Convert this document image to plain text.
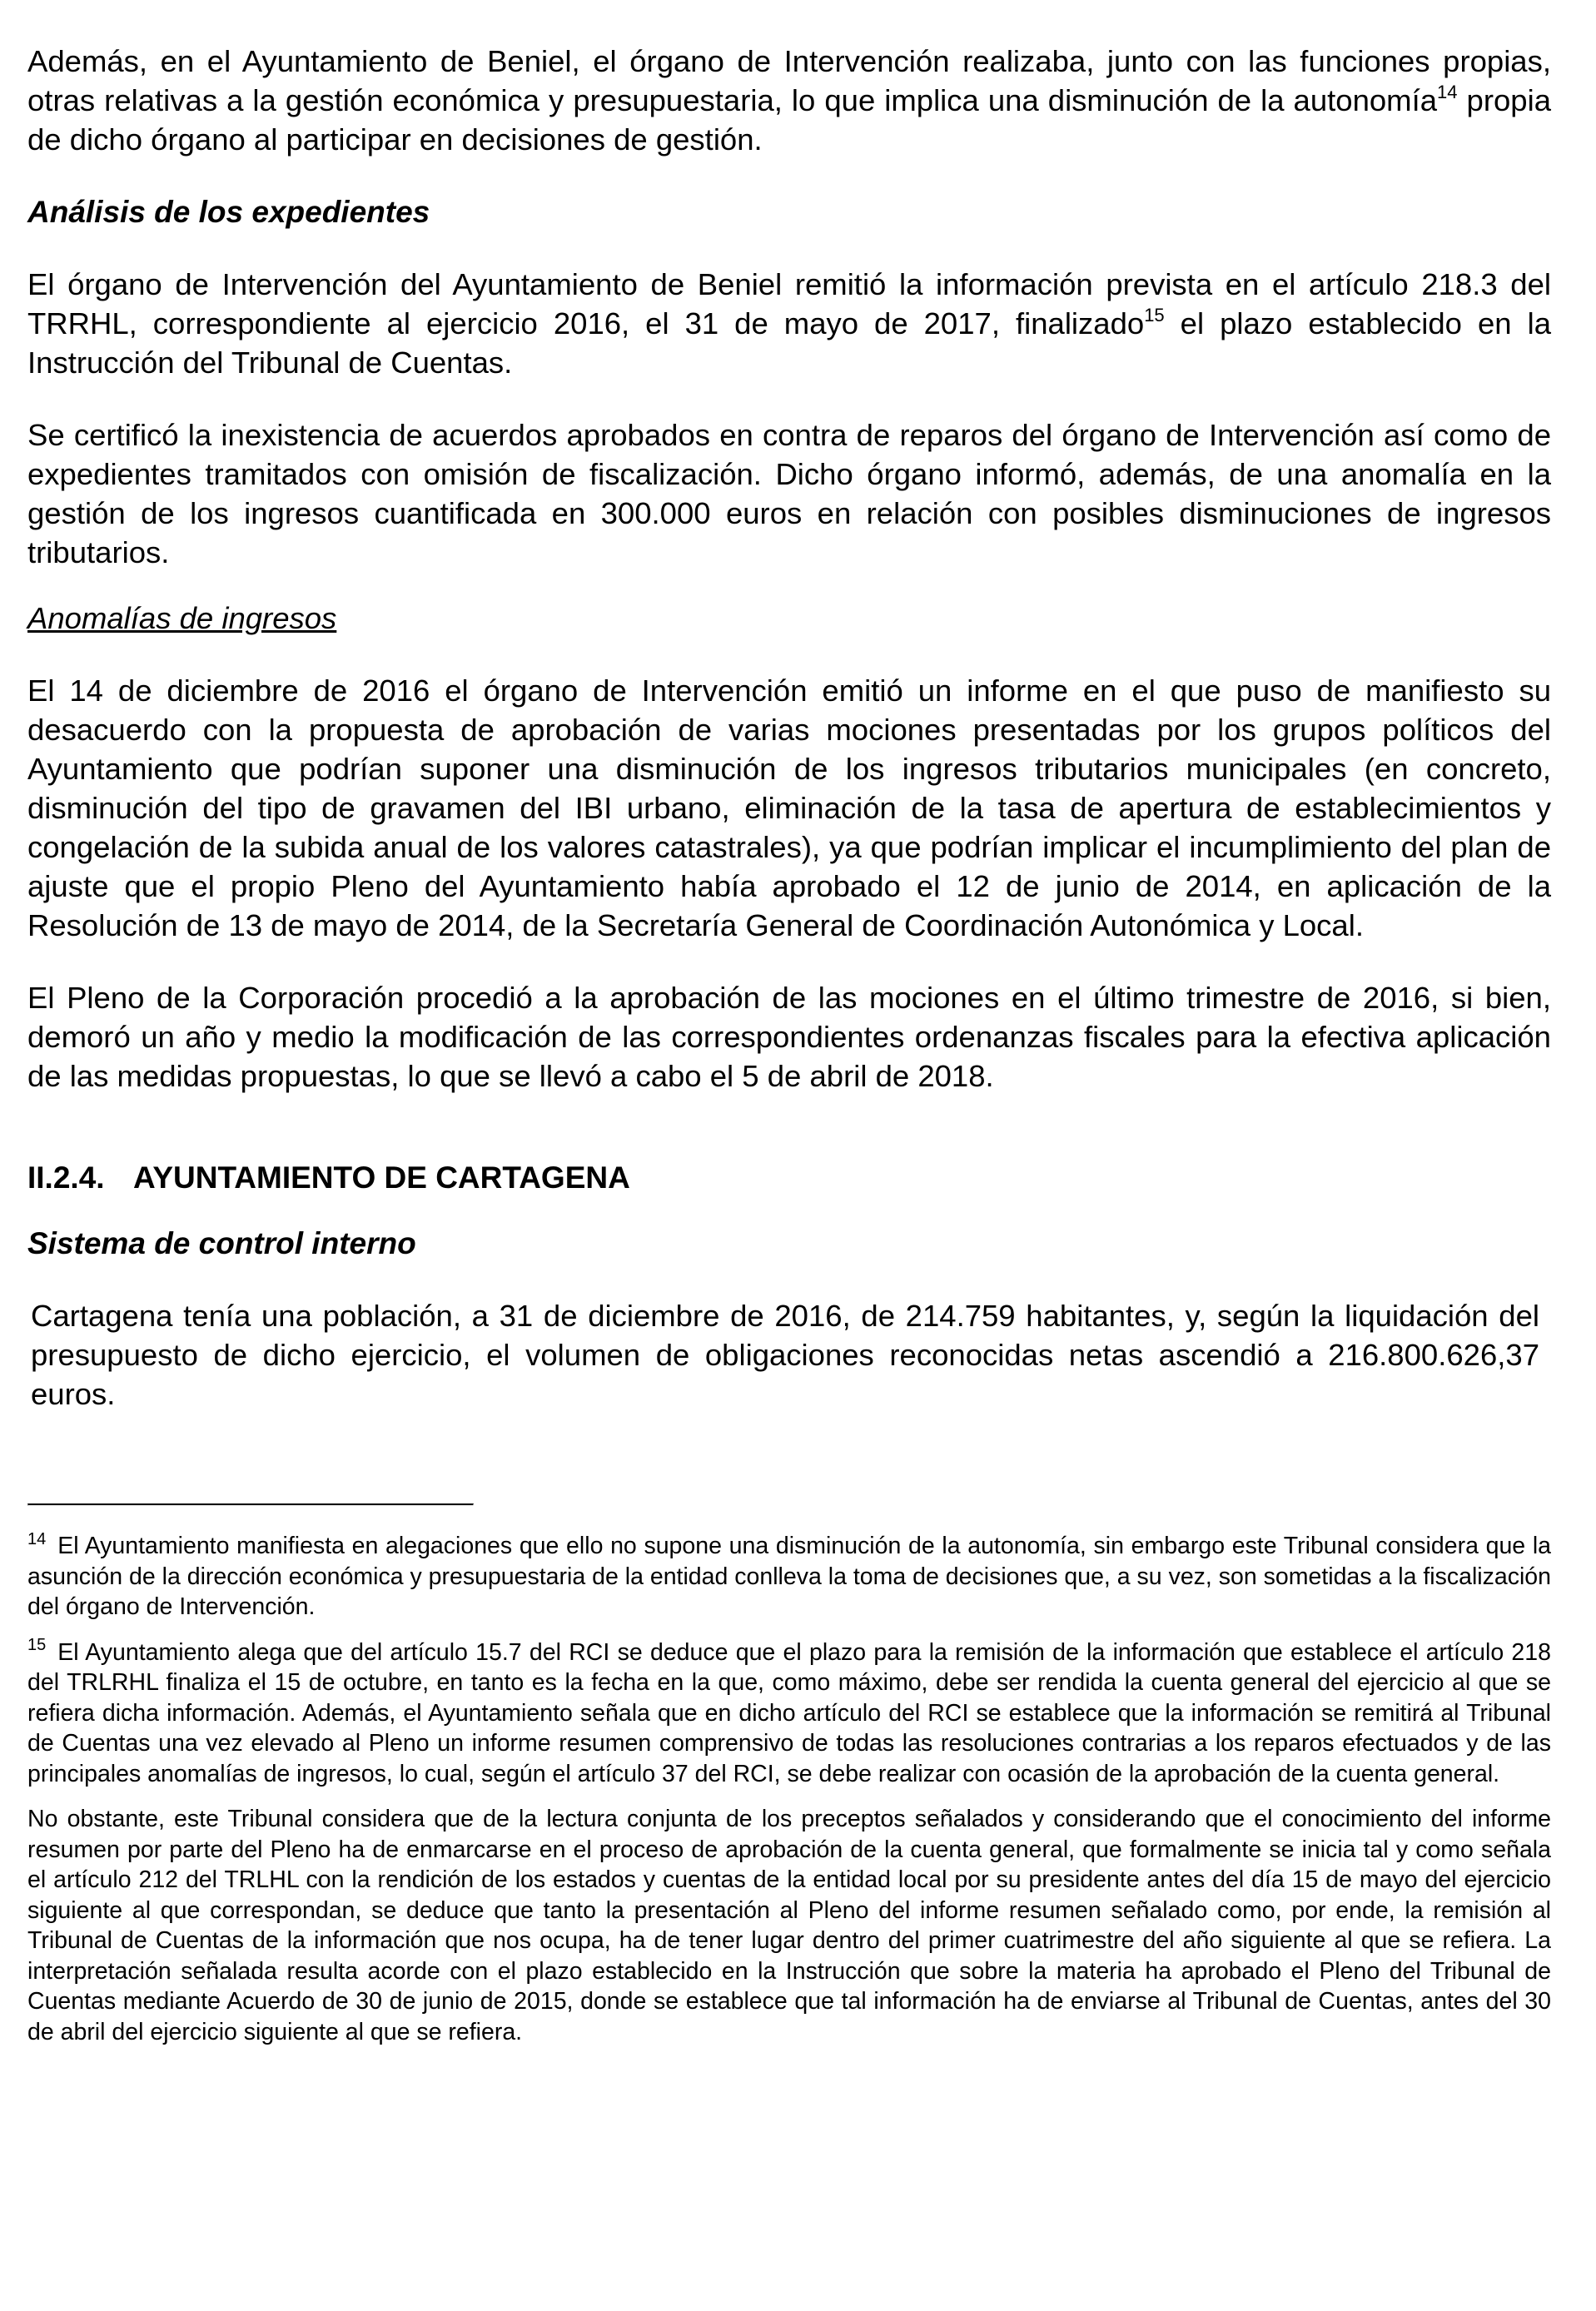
Además, en el Ayuntamiento de Beniel, el órgano de Intervención realizaba, junto con las funciones propias, otras relativas a la gestión económica y presupuestaria, lo que implica una disminución de la autonomía$^{14}$ propia de dicho órgano al participar en decisiones de gestión.

Análisis de los expedientes

El órgano de Intervención del Ayuntamiento de Beniel remitió la información prevista en el artículo 218.3 del TRRHL, correspondiente al ejercicio 2016, el 31 de mayo de 2017, finalizado$^{15}$ el plazo establecido en la Instrucción del Tribunal de Cuentas.

Se certificó la inexistencia de acuerdos aprobados en contra de reparos del órgano de Intervención así como de expedientes tramitados con omisión de fiscalización. Dicho órgano informó, además, de una anomalía en la gestión de los ingresos cuantificada en 300.000 euros en relación con posibles disminuciones de ingresos tributarios.

Anomalías de ingresos

El 14 de diciembre de 2016 el órgano de Intervención emitió un informe en el que puso de manifiesto su desacuerdo con la propuesta de aprobación de varias mociones presentadas por los grupos políticos del Ayuntamiento que podrían suponer una disminución de los ingresos tributarios municipales (en concreto, disminución del tipo de gravamen del IBI urbano, eliminación de la tasa de apertura de establecimientos y congelación de la subida anual de los valores catastrales), ya que podrían implicar el incumplimiento del plan de ajuste que el propio Pleno del Ayuntamiento había aprobado el 12 de junio de 2014, en aplicación de la Resolución de 13 de mayo de 2014, de la Secretaría General de Coordinación Autonómica y Local.

El Pleno de la Corporación procedió a la aprobación de las mociones en el último trimestre de 2016, si bien, demoró un año y medio la modificación de las correspondientes ordenanzas fiscales para la efectiva aplicación de las medidas propuestas, lo que se llevó a cabo el 5 de abril de 2018.

II.2.4. AYUNTAMIENTO DE CARTAGENA

Sistema de control interno

Cartagena tenía una población, a 31 de diciembre de 2016, de 214.759 habitantes, y, según la liquidación del presupuesto de dicho ejercicio, el volumen de obligaciones reconocidas netas ascendió a 216.800.626,37 euros.

$^{14}$ El Ayuntamiento manifiesta en alegaciones que ello no supone una disminución de la autonomía, sin embargo este Tribunal considera que la asunción de la dirección económica y presupuestaria de la entidad conlleva la toma de decisiones que, a su vez, son sometidas a la fiscalización del órgano de Intervención.

$^{15}$ El Ayuntamiento alega que del artículo 15.7 del RCI se deduce que el plazo para la remisión de la información que establece el artículo 218 del TRLRHL finaliza el 15 de octubre, en tanto es la fecha en la que, como máximo, debe ser rendida la cuenta general del ejercicio al que se refiera dicha información. Además, el Ayuntamiento señala que en dicho artículo del RCI se establece que la información se remitirá al Tribunal de Cuentas una vez elevado al Pleno un informe resumen comprensivo de todas las resoluciones contrarias a los reparos efectuados y de las principales anomalías de ingresos, lo cual, según el artículo 37 del RCI, se debe realizar con ocasión de la aprobación de la cuenta general.

No obstante, este Tribunal considera que de la lectura conjunta de los preceptos señalados y considerando que el conocimiento del informe resumen por parte del Pleno ha de enmarcarse en el proceso de aprobación de la cuenta general, que formalmente se inicia tal y como señala el artículo 212 del TRLHL con la rendición de los estados y cuentas de la entidad local por su presidente antes del día 15 de mayo del ejercicio siguiente al que correspondan, se deduce que tanto la presentación al Pleno del informe resumen señalado como, por ende, la remisión al Tribunal de Cuentas de la información que nos ocupa, ha de tener lugar dentro del primer cuatrimestre del año siguiente al que se refiera. La interpretación señalada resulta acorde con el plazo establecido en la Instrucción que sobre la materia ha aprobado el Pleno del Tribunal de Cuentas mediante Acuerdo de 30 de junio de 2015, donde se establece que tal información ha de enviarse al Tribunal de Cuentas, antes del 30 de abril del ejercicio siguiente al que se refiera.
